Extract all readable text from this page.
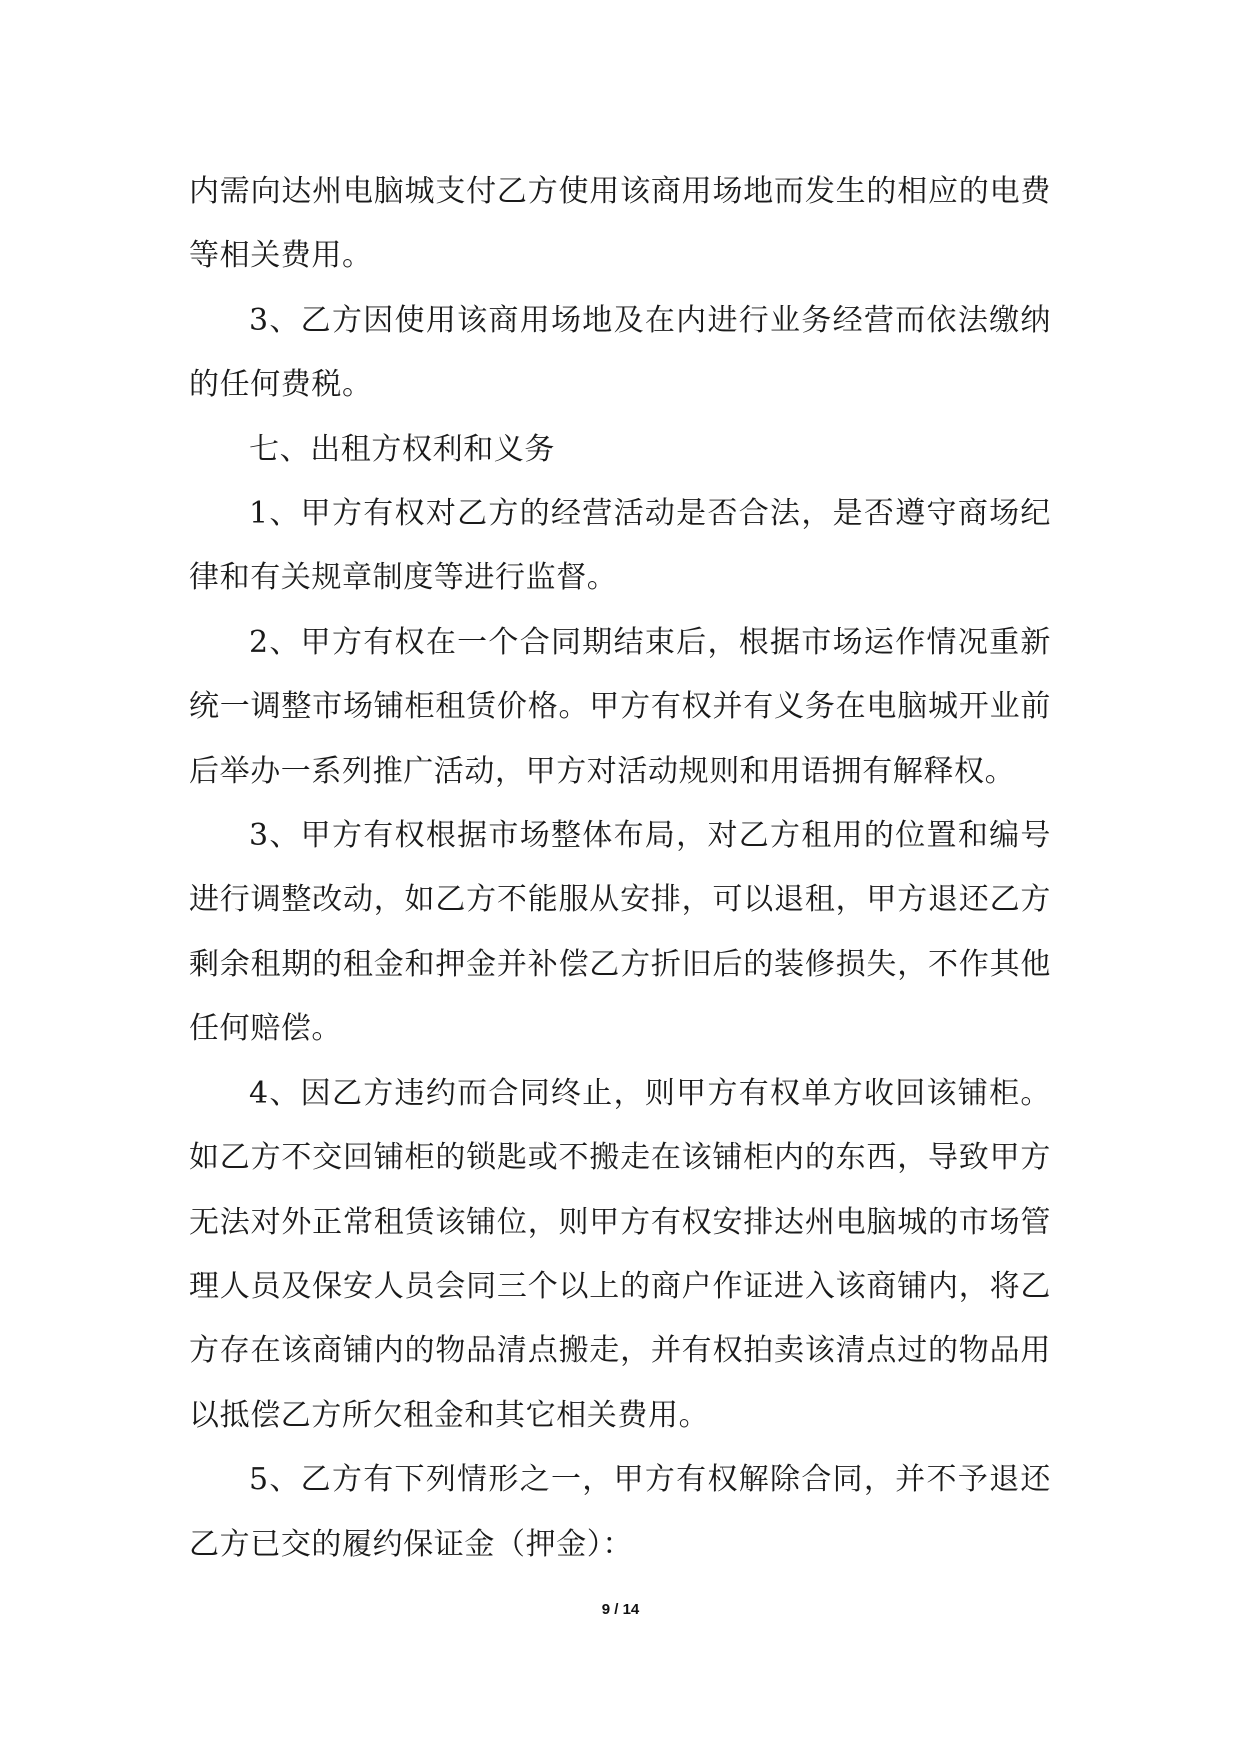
内需向达州电脑城支付乙方使用该商用场地而发生的相应的电费等相关费用。

3、乙方因使用该商用场地及在内进行业务经营而依法缴纳的任何费税。

七、出租方权利和义务

1、甲方有权对乙方的经营活动是否合法，是否遵守商场纪律和有关规章制度等进行监督。

2、甲方有权在一个合同期结束后，根据市场运作情况重新统一调整市场铺柜租赁价格。甲方有权并有义务在电脑城开业前后举办一系列推广活动，甲方对活动规则和用语拥有解释权。

3、甲方有权根据市场整体布局，对乙方租用的位置和编号进行调整改动，如乙方不能服从安排，可以退租，甲方退还乙方剩余租期的租金和押金并补偿乙方折旧后的装修损失，不作其他任何赔偿。

4、因乙方违约而合同终止，则甲方有权单方收回该铺柜。如乙方不交回铺柜的锁匙或不搬走在该铺柜内的东西，导致甲方无法对外正常租赁该铺位，则甲方有权安排达州电脑城的市场管理人员及保安人员会同三个以上的商户作证进入该商铺内，将乙方存在该商铺内的物品清点搬走，并有权拍卖该清点过的物品用以抵偿乙方所欠租金和其它相关费用。

5、乙方有下列情形之一，甲方有权解除合同，并不予退还乙方已交的履约保证金（押金）：

9 / 14
